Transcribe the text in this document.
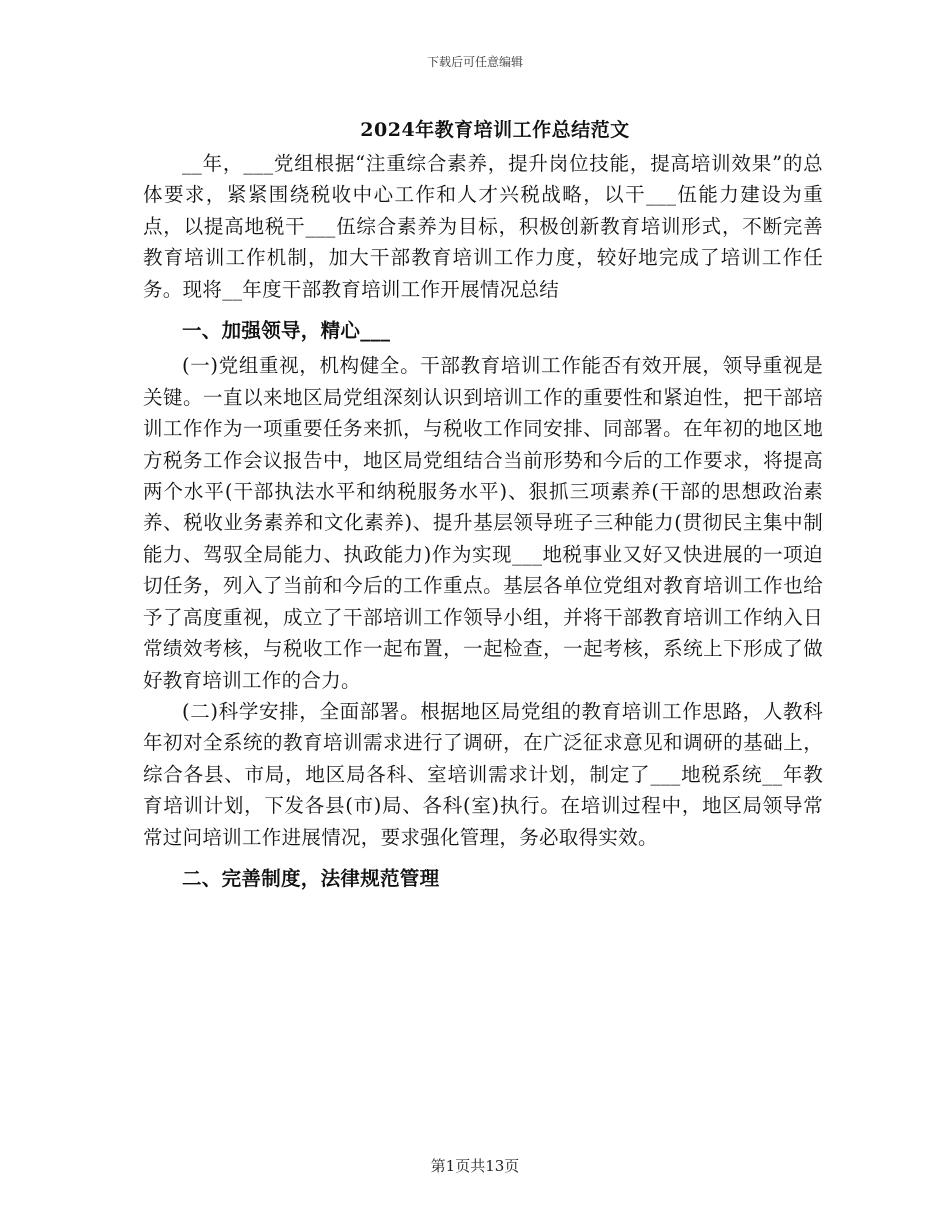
下载后可任意编辑
2024年教育培训工作总结范文

__年，___党组根据“注重综合素养，提升岗位技能，提高培训效果”的总体要求，紧紧围绕税收中心工作和人才兴税战略，以干___伍能力建设为重点，以提高地税干___伍综合素养为目标，积极创新教育培训形式，不断完善教育培训工作机制，加大干部教育培训工作力度，较好地完成了培训工作任务。现将__年度干部教育培训工作开展情况总结

一、加强领导，精心___

(一)党组重视，机构健全。干部教育培训工作能否有效开展，领导重视是关键。一直以来地区局党组深刻认识到培训工作的重要性和紧迫性，把干部培训工作作为一项重要任务来抓，与税收工作同安排、同部署。在年初的地区地方税务工作会议报告中，地区局党组结合当前形势和今后的工作要求，将提高两个水平(干部执法水平和纳税服务水平)、狠抓三项素养(干部的思想政治素养、税收业务素养和文化素养)、提升基层领导班子三种能力(贯彻民主集中制能力、驾驭全局能力、执政能力)作为实现___地税事业又好又快进展的一项迫切任务，列入了当前和今后的工作重点。基层各单位党组对教育培训工作也给予了高度重视，成立了干部培训工作领导小组，并将干部教育培训工作纳入日常绩效考核，与税收工作一起布置，一起检查，一起考核，系统上下形成了做好教育培训工作的合力。

(二)科学安排，全面部署。根据地区局党组的教育培训工作思路，人教科年初对全系统的教育培训需求进行了调研，在广泛征求意见和调研的基础上，综合各县、市局，地区局各科、室培训需求计划，制定了___地税系统__年教育培训计划，下发各县(市)局、各科(室)执行。在培训过程中，地区局领导常常过问培训工作进展情况，要求强化管理，务必取得实效。

二、完善制度，法律规范管理

第1页共13页
